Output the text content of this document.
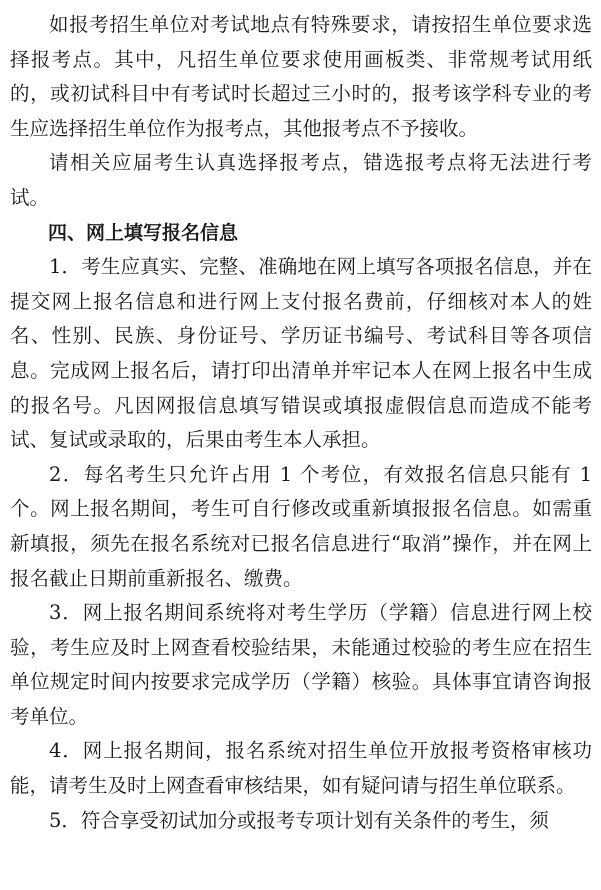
如报考招生单位对考试地点有特殊要求，请按招生单位要求选择报考点。其中，凡招生单位要求使用画板类、非常规考试用纸的，或初试科目中有考试时长超过三小时的，报考该学科专业的考生应选择招生单位作为报考点，其他报考点不予接收。

请相关应届考生认真选择报考点，错选报考点将无法进行考试。

四、网上填写报名信息

1．考生应真实、完整、准确地在网上填写各项报名信息，并在提交网上报名信息和进行网上支付报名费前，仔细核对本人的姓名、性别、民族、身份证号、学历证书编号、考试科目等各项信息。完成网上报名后，请打印出清单并牢记本人在网上报名中生成的报名号。凡因网报信息填写错误或填报虚假信息而造成不能考试、复试或录取的，后果由考生本人承担。

2．每名考生只允许占用 1 个考位，有效报名信息只能有 1 个。网上报名期间，考生可自行修改或重新填报报名信息。如需重新填报，须先在报名系统对已报名信息进行“取消”操作，并在网上报名截止日期前重新报名、缴费。

3．网上报名期间系统将对考生学历（学籍）信息进行网上校验，考生应及时上网查看校验结果，未能通过校验的考生应在招生单位规定时间内按要求完成学历（学籍）核验。具体事宜请咨询报考单位。

4．网上报名期间，报名系统对招生单位开放报考资格审核功能，请考生及时上网查看审核结果，如有疑问请与招生单位联系。

5．符合享受初试加分或报考专项计划有关条件的考生，须
